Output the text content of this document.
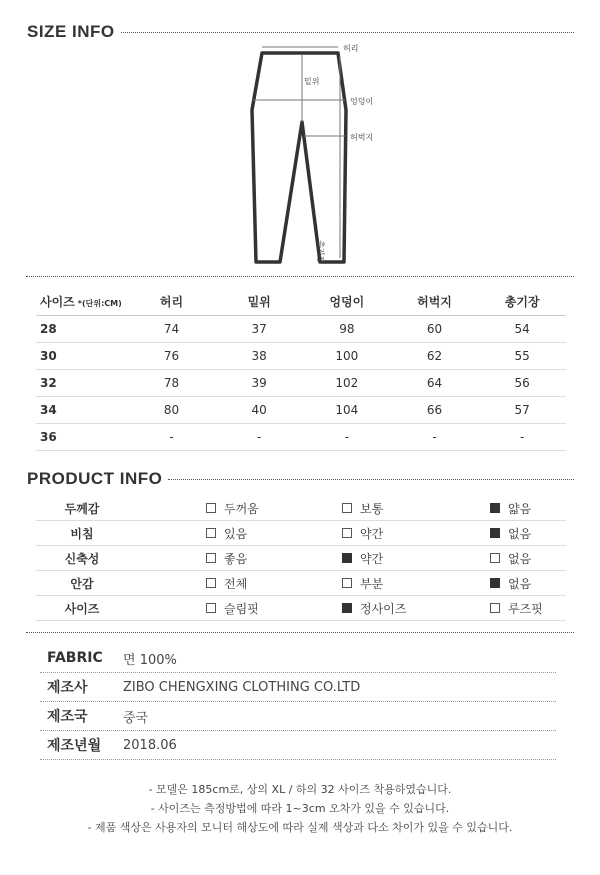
SIZE INFO
허리
밑위
엉덩이
허벅지
총기장
사이즈 *(단위:CM)	허리	밑위	엉덩이	허벅지	총기장
28	74	37	98	60	54
30	76	38	100	62	55
32	78	39	102	64	56
34	80	40	104	66	57
36	-	-	-	-	-
PRODUCT INFO
두께감	두꺼움	보통	얇음
비침	있음	약간	없음
신축성	좋음	약간	없음
안감	전체	부분	없음
사이즈	슬림핏	정사이즈	루즈핏
FABRIC	면 100%
제조사	ZIBO CHENGXING CLOTHING CO.LTD
제조국	중국
제조년월	2018.06
- 모델은 185cm로, 상의 XL / 하의 32 사이즈 착용하였습니다.
- 사이즈는 측정방법에 따라 1~3cm 오차가 있을 수 있습니다.
- 제품 색상은 사용자의 모니터 해상도에 따라 실제 색상과 다소 차이가 있을 수 있습니다.
